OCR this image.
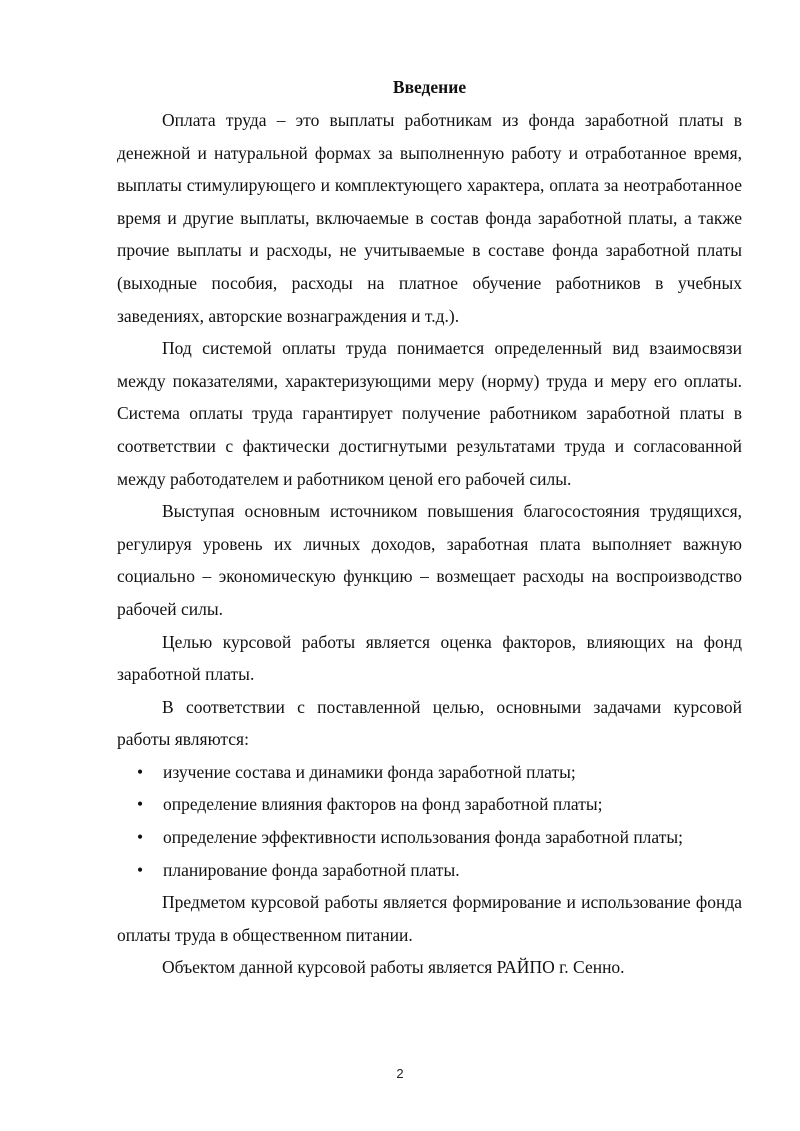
Введение

Оплата труда – это выплаты работникам из фонда заработной платы в денежной и натуральной формах за выполненную работу и отработанное время, выплаты стимулирующего и комплектующего характера, оплата за неотработанное время и другие выплаты, включаемые в состав фонда заработной платы, а также прочие выплаты и расходы, не учитываемые в составе фонда заработной платы (выходные пособия, расходы на платное обучение работников в учебных заведениях, авторские вознаграждения и т.д.).

Под системой оплаты труда понимается определенный вид взаимосвязи между показателями, характеризующими меру (норму) труда и меру его оплаты. Система оплаты труда гарантирует получение работником заработной платы в соответствии с фактически достигнутыми результатами труда и согласованной между работодателем и работником ценой его рабочей силы.

Выступая основным источником повышения благосостояния трудящихся, регулируя уровень их личных доходов, заработная плата выполняет важную социально – экономическую функцию – возмещает расходы на воспроизводство рабочей силы.

Целью курсовой работы является оценка факторов, влияющих на фонд заработной платы.

В соответствии с поставленной целью, основными задачами курсовой работы являются:

• изучение состава и динамики фонда заработной платы;
• определение влияния факторов на фонд заработной платы;
• определение эффективности использования фонда заработной платы;
• планирование фонда заработной платы.

Предметом курсовой работы является формирование и использование фонда оплаты труда в общественном питании.

Объектом данной курсовой работы является РАЙПО г. Сенно.

2
